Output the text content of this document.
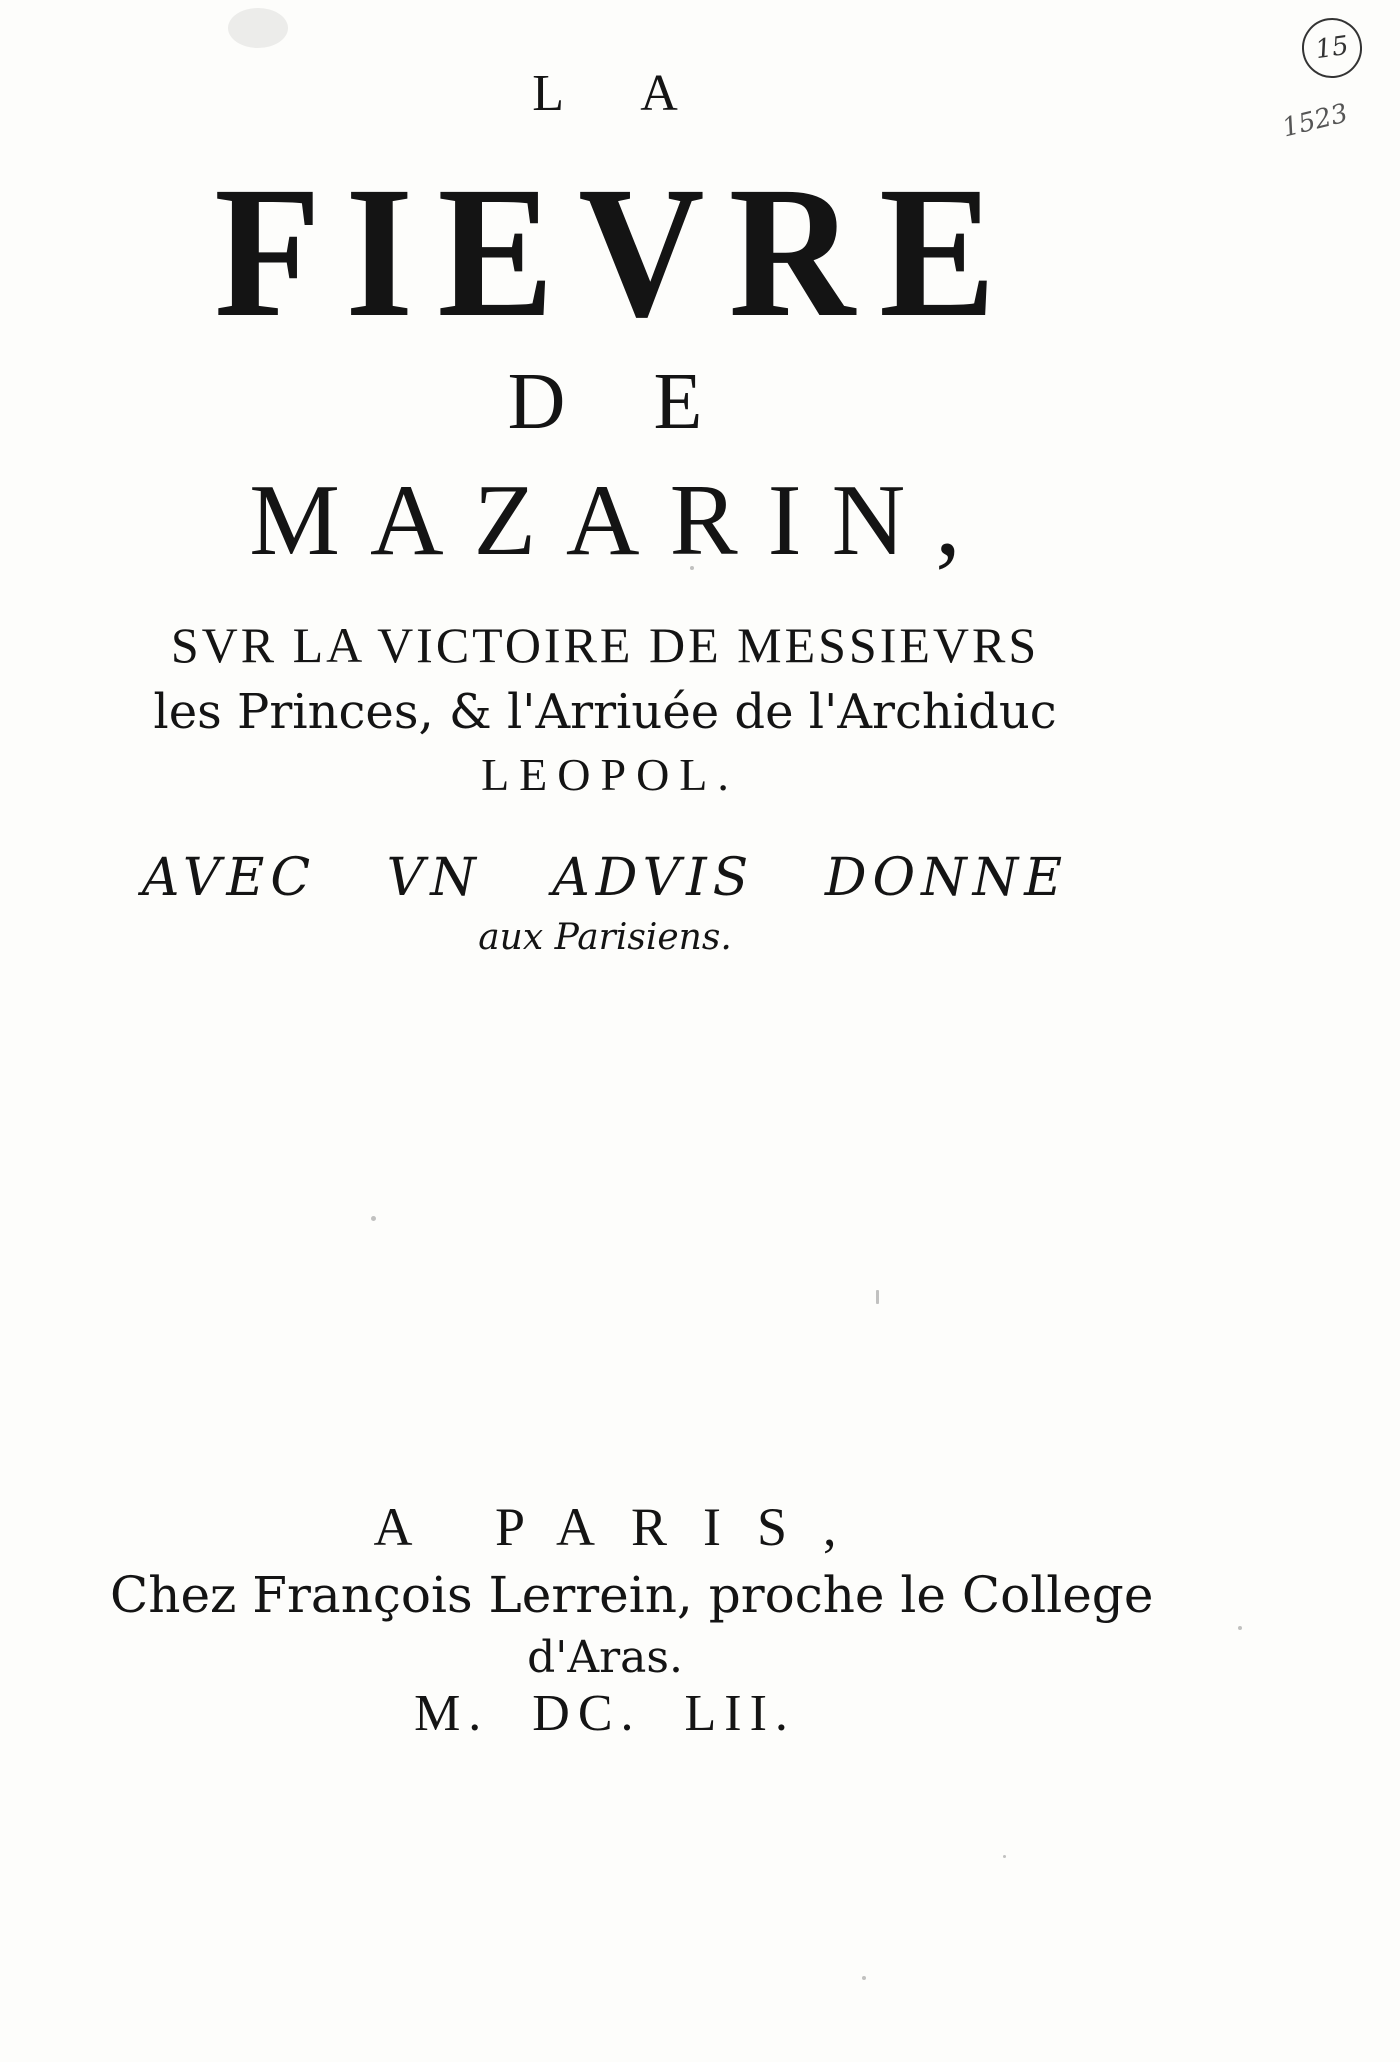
15
1523
L A
FIEVRE
D E
MAZARIN,
SVR LA VICTOIRE DE MESSIEVRS
les Princes, & l'Arriuée de l'Archiduc
LEOPOL.
AVEC VN ADVIS DONNE
aux Parisiens.
A PARIS,
Chez François Lerrein, proche le College
d'Aras.
M. DC. LII.
